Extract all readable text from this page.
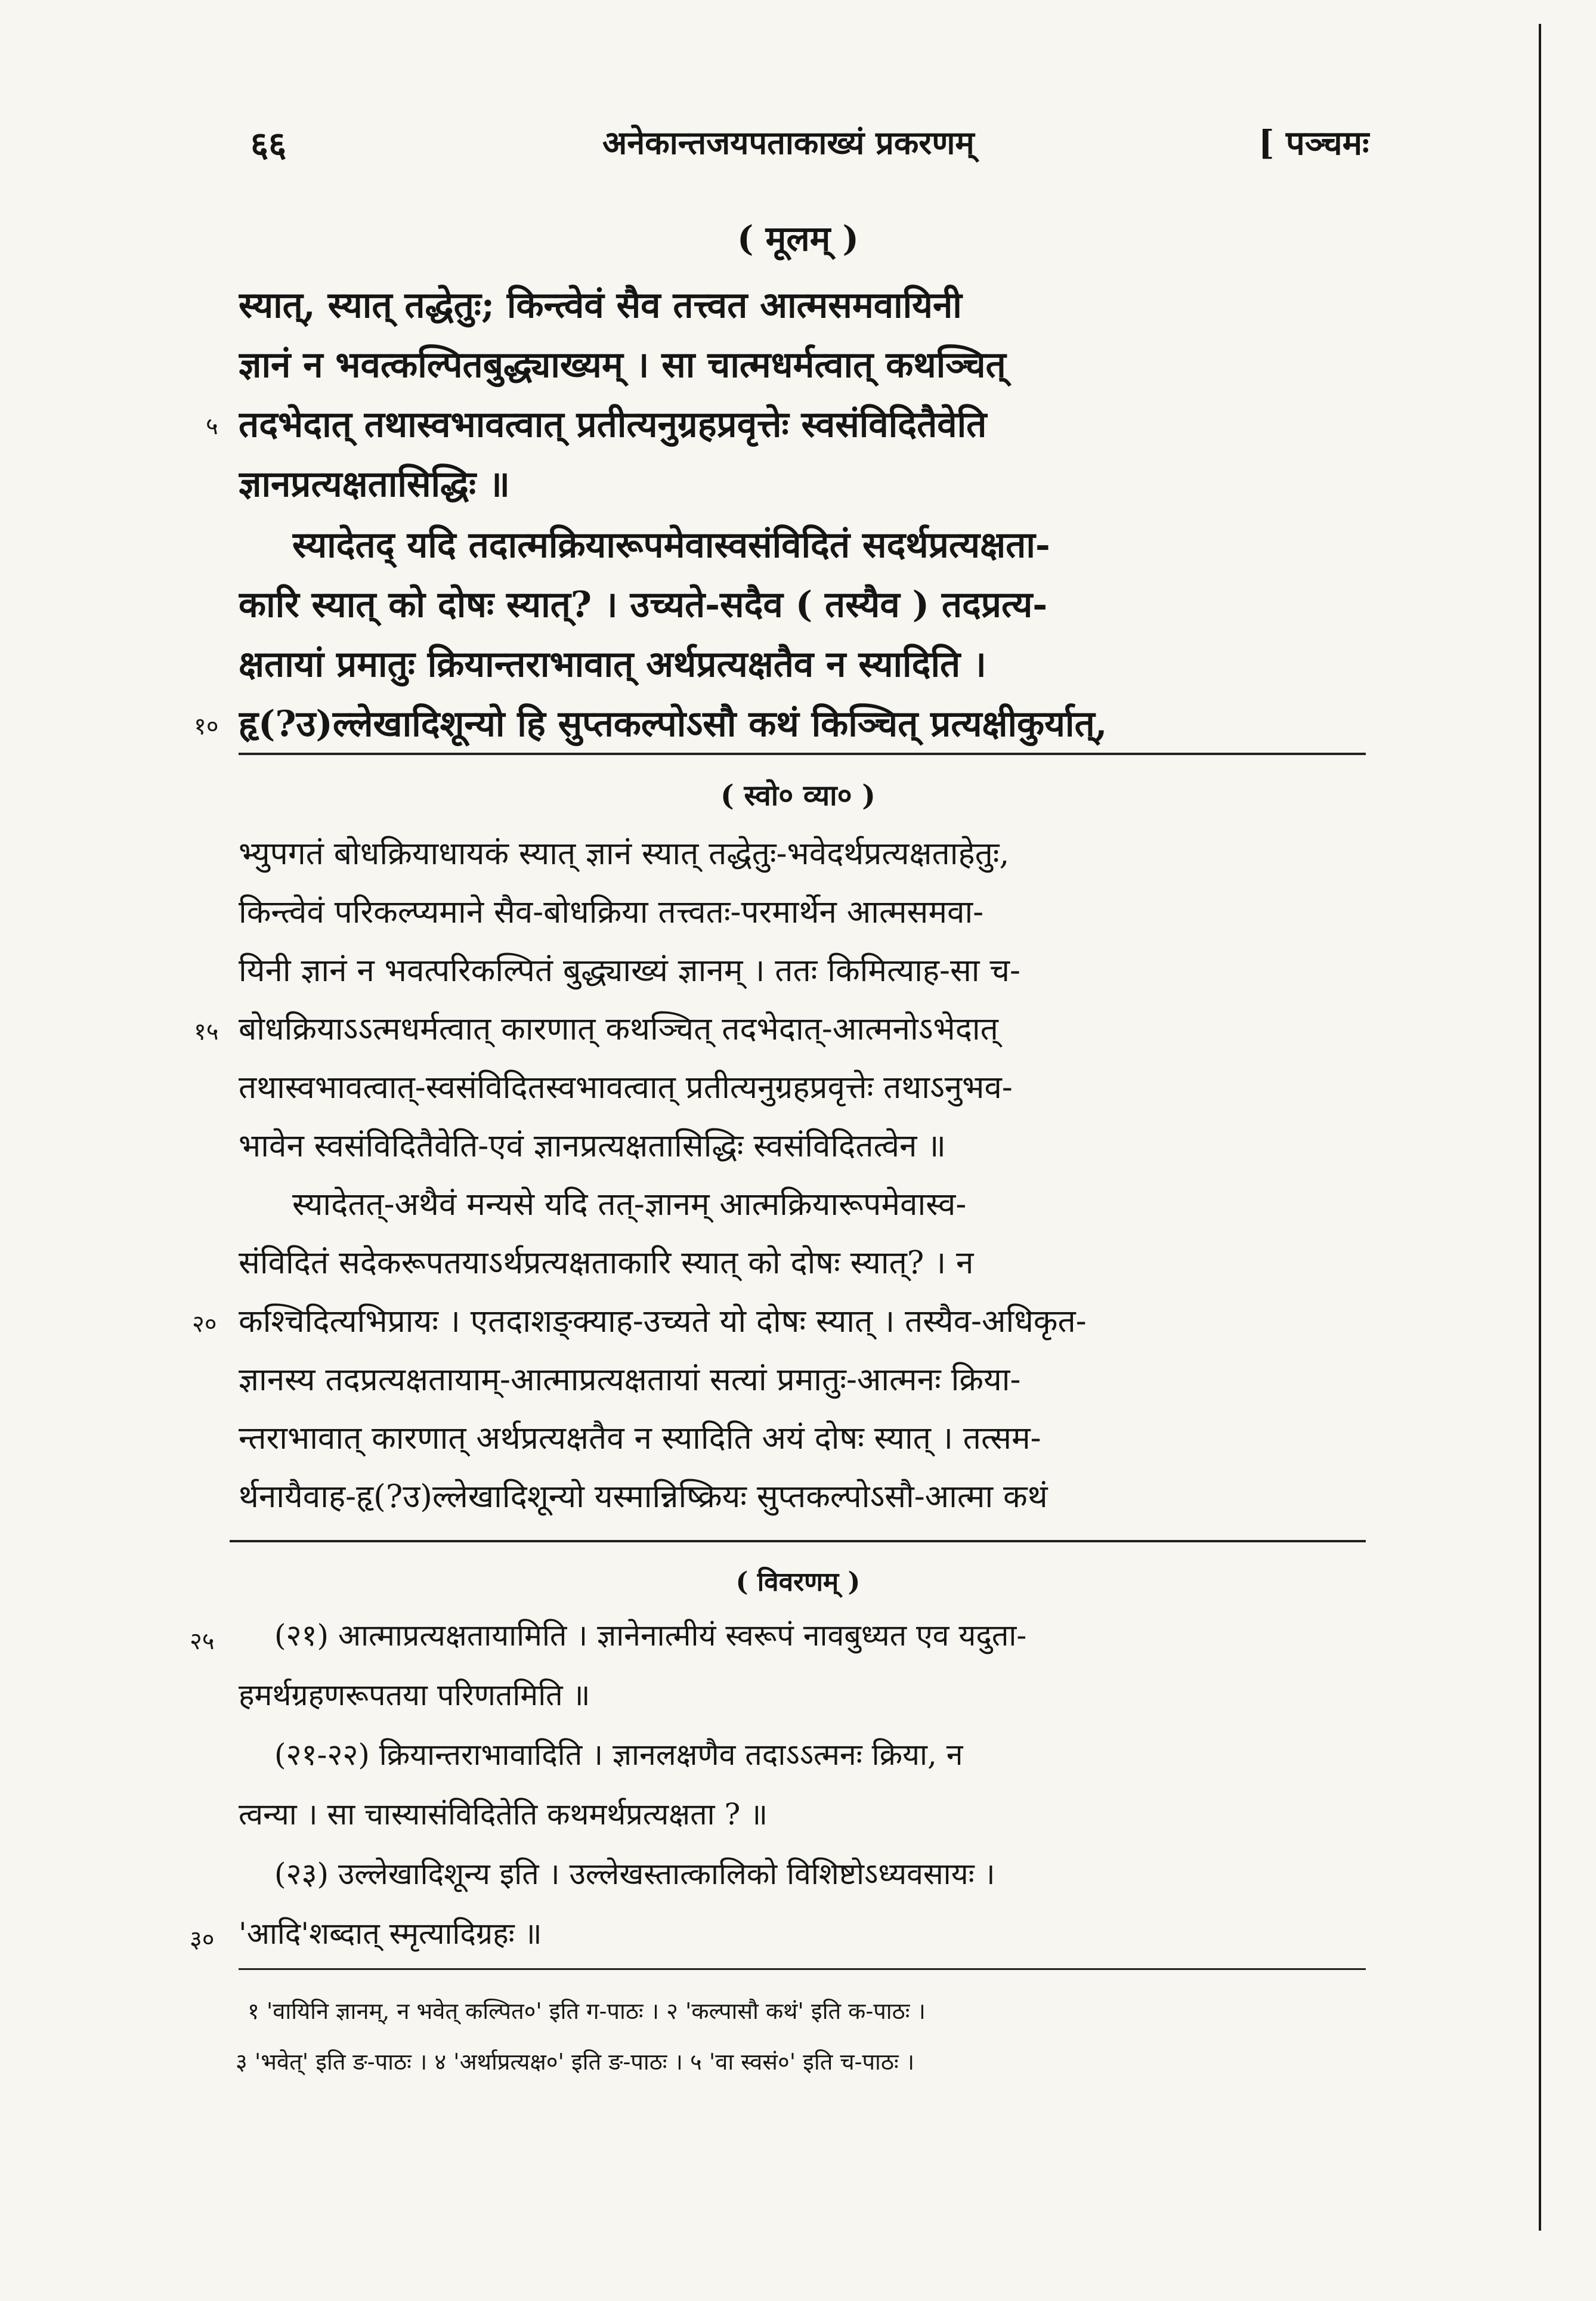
६६	अनेकान्तजयपताकाख्यं प्रकरणम्	[ पञ्चमः
( मूलम् )
स्यात्, स्यात् तद्धेतुः; किन्त्वेवं सैव तत्त्वत आत्मसमवायिनी
ज्ञानं न भवत्कल्पितबुद्ध्याख्यम् । सा चात्मधर्मत्वात् कथञ्चित्
तदभेदात् तथास्वभावत्वात् प्रतीत्यनुग्रहप्रवृत्तेः स्वसंविदितैवेति
ज्ञानप्रत्यक्षतासिद्धिः ॥
स्यादेतद् यदि तदात्मक्रियारूपमेवास्वसंविदितं सदर्थप्रत्यक्षता-
कारि स्यात् को दोषः स्यात्? । उच्यते-सदैव ( तस्यैव ) तदप्रत्य-
क्षतायां प्रमातुः क्रियान्तराभावात् अर्थप्रत्यक्षतैव न स्यादिति ।
हृ(?उ)ल्लेखादिशून्यो हि सुप्तकल्पोऽसौ कथं किञ्चित् प्रत्यक्षीकुर्यात्,
५
१०
( स्वो० व्या० )
भ्युपगतं बोधक्रियाधायकं स्यात् ज्ञानं स्यात् तद्धेतुः-भवेदर्थप्रत्यक्षताहेतुः,
किन्त्वेवं परिकल्प्यमाने सैव-बोधक्रिया तत्त्वतः-परमार्थेन आत्मसमवा-
यिनी ज्ञानं न भवत्परिकल्पितं बुद्ध्याख्यं ज्ञानम् । ततः किमित्याह-सा च-
बोधक्रियाऽऽत्मधर्मत्वात् कारणात् कथञ्चित् तदभेदात्-आत्मनोऽभेदात्
तथास्वभावत्वात्-स्वसंविदितस्वभावत्वात् प्रतीत्यनुग्रहप्रवृत्तेः तथाऽनुभव-
भावेन स्वसंविदितैवेति-एवं ज्ञानप्रत्यक्षतासिद्धिः स्वसंविदितत्वेन ॥
स्यादेतत्-अथैवं मन्यसे यदि तत्-ज्ञानम् आत्मक्रियारूपमेवास्व-
संविदितं सदेकरूपतयाऽर्थप्रत्यक्षताकारि स्यात् को दोषः स्यात्? । न
कश्चिदित्यभिप्रायः । एतदाशङ्क्याह-उच्यते यो दोषः स्यात् । तस्यैव-अधिकृत-
ज्ञानस्य तदप्रत्यक्षतायाम्-आत्माप्रत्यक्षतायां सत्यां प्रमातुः-आत्मनः क्रिया-
न्तराभावात् कारणात् अर्थप्रत्यक्षतैव न स्यादिति अयं दोषः स्यात् । तत्सम-
र्थनायैवाह-हृ(?उ)ल्लेखादिशून्यो यस्मान्निष्क्रियः सुप्तकल्पोऽसौ-आत्मा कथं
१५
२०
( विवरणम् )
(२१) आत्माप्रत्यक्षतायामिति । ज्ञानेनात्मीयं स्वरूपं नावबुध्यत एव यदुता-
हमर्थग्रहणरूपतया परिणतमिति ॥
(२१-२२) क्रियान्तराभावादिति । ज्ञानलक्षणैव तदाऽऽत्मनः क्रिया, न
त्वन्या । सा चास्यासंविदितेति कथमर्थप्रत्यक्षता ? ॥
(२३) उल्लेखादिशून्य इति । उल्लेखस्तात्कालिको विशिष्टोऽध्यवसायः ।
'आदि'शब्दात् स्मृत्यादिग्रहः ॥
२५
३०
१ 'वायिनि ज्ञानम्, न भवेत् कल्पित०' इति ग-पाठः । २ 'कल्पासौ कथं' इति क-पाठः ।
३ 'भवेत्' इति ङ-पाठः । ४ 'अर्थाप्रत्यक्ष०' इति ङ-पाठः । ५ 'वा स्वसं०' इति च-पाठः ।
